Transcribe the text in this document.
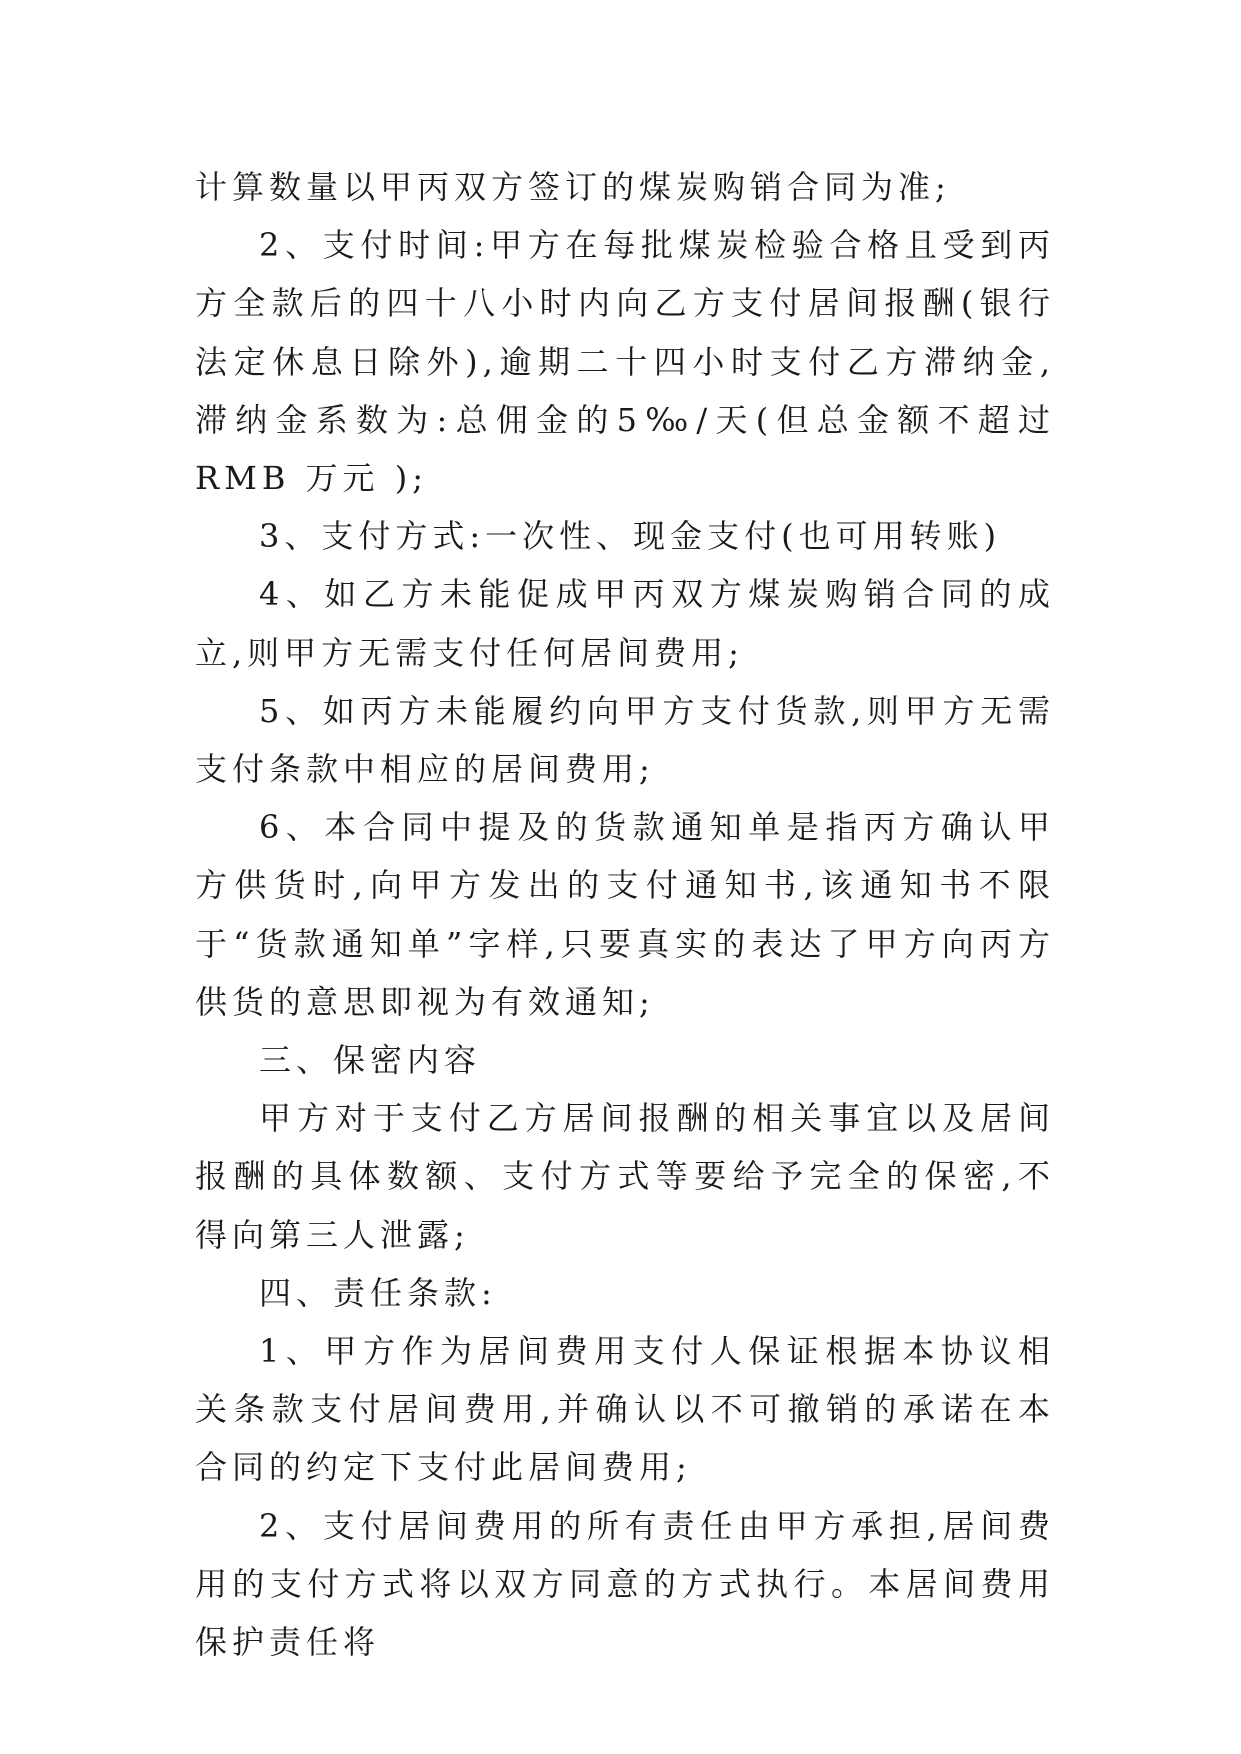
计算数量以甲丙双方签订的煤炭购销合同为准;

2、支付时间:甲方在每批煤炭检验合格且受到丙方全款后的四十八小时内向乙方支付居间报酬(银行法定休息日除外),逾期二十四小时支付乙方滞纳金,滞纳金系数为:总佣金的5‰/天(但总金额不超过 RMB 万元 );

3、支付方式:一次性、现金支付(也可用转账)

4、如乙方未能促成甲丙双方煤炭购销合同的成立,则甲方无需支付任何居间费用;

5、如丙方未能履约向甲方支付货款,则甲方无需支付条款中相应的居间费用;

6、本合同中提及的货款通知单是指丙方确认甲方供货时,向甲方发出的支付通知书,该通知书不限于“货款通知单”字样,只要真实的表达了甲方向丙方供货的意思即视为有效通知;

三、保密内容

甲方对于支付乙方居间报酬的相关事宜以及居间报酬的具体数额、支付方式等要给予完全的保密,不得向第三人泄露;

四、责任条款:

1、甲方作为居间费用支付人保证根据本协议相关条款支付居间费用,并确认以不可撤销的承诺在本合同的约定下支付此居间费用;

2、支付居间费用的所有责任由甲方承担,居间费用的支付方式将以双方同意的方式执行。本居间费用保护责任将
